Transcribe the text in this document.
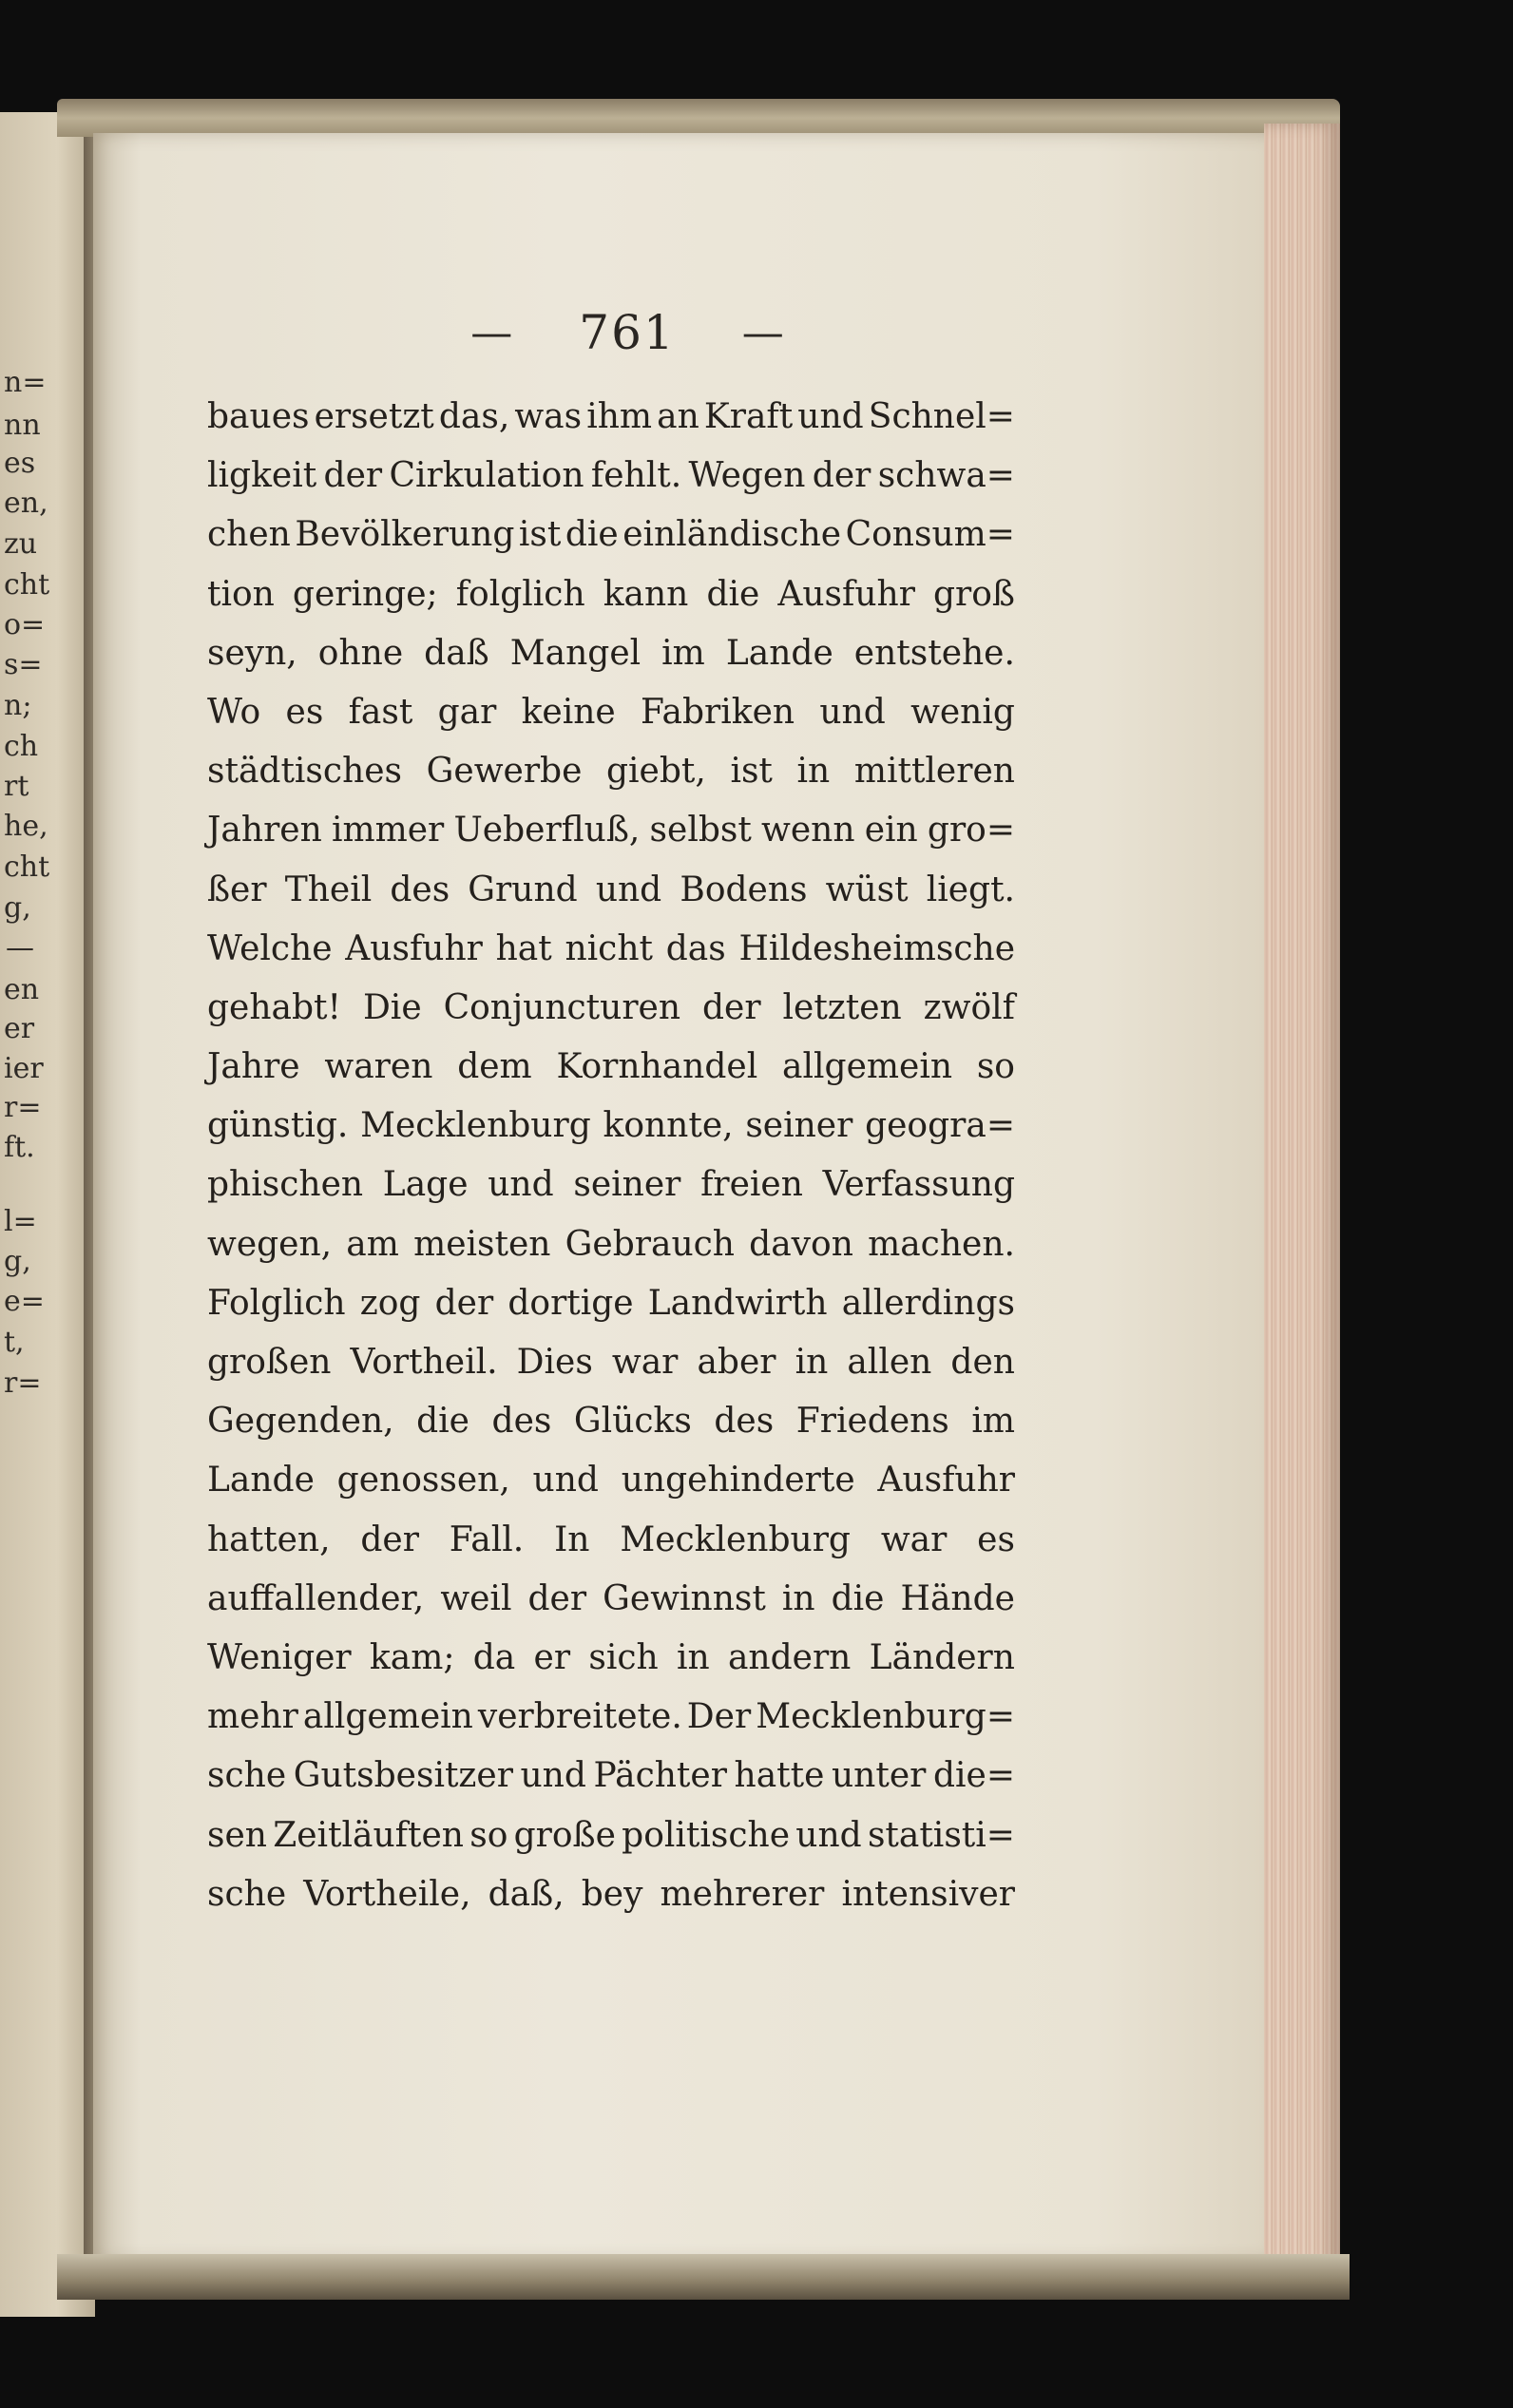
n=
nn
es
en,
zu
cht
o=
s=
n;
ch
rt
he,
cht
g,
—
en
er
ier
r=
ft.
l=
g,
e=
t,
r=
— 761 —
baues ersetzt das, was ihm an Kraft und Schnel=
ligkeit der Cirkulation fehlt. Wegen der schwa=
chen Bevölkerung ist die einländische Consum=
tion geringe; folglich kann die Ausfuhr groß
seyn, ohne daß Mangel im Lande entstehe.
Wo es fast gar keine Fabriken und wenig
städtisches Gewerbe giebt, ist in mittleren
Jahren immer Ueberfluß, selbst wenn ein gro=
ßer Theil des Grund und Bodens wüst liegt.
Welche Ausfuhr hat nicht das Hildesheimsche
gehabt! Die Conjuncturen der letzten zwölf
Jahre waren dem Kornhandel allgemein so
günstig. Mecklenburg konnte, seiner geogra=
phischen Lage und seiner freien Verfassung
wegen, am meisten Gebrauch davon machen.
Folglich zog der dortige Landwirth allerdings
großen Vortheil. Dies war aber in allen den
Gegenden, die des Glücks des Friedens im
Lande genossen, und ungehinderte Ausfuhr
hatten, der Fall. In Mecklenburg war es
auffallender, weil der Gewinnst in die Hände
Weniger kam; da er sich in andern Ländern
mehr allgemein verbreitete. Der Mecklenburg=
sche Gutsbesitzer und Pächter hatte unter die=
sen Zeitläuften so große politische und statisti=
sche Vortheile, daß, bey mehrerer intensiver
